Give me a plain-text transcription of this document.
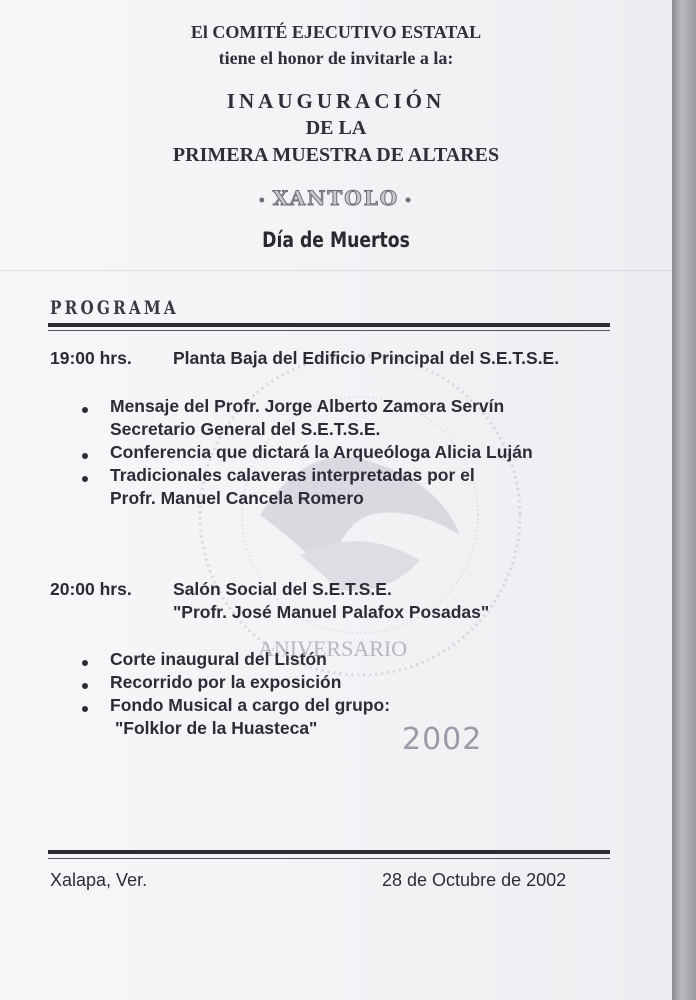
2002
ANIVERSARIO
El COMITÉ EJECUTIVO ESTATAL
tiene el honor de invitarle a la:
INAUGURACIÓN
DE LA
PRIMERA MUESTRA DE ALTARES
• XANTOLO •
Día de Muertos
PROGRAMA
19:00 hrs. Planta Baja del Edificio Principal del S.E.T.S.E.
Mensaje del Profr. Jorge Alberto Zamora Servín
Secretario General del S.E.T.S.E.
Conferencia que dictará la Arqueóloga Alicia Luján
Tradicionales calaveras interpretadas por el
Profr. Manuel Cancela Romero
20:00 hrs. Salón Social del S.E.T.S.E.
"Profr. José Manuel Palafox Posadas"
Corte inaugural del Listón
Recorrido por la exposición
Fondo Musical a cargo del grupo:
"Folklor de la Huasteca"
Xalapa, Ver.	28 de Octubre de 2002
